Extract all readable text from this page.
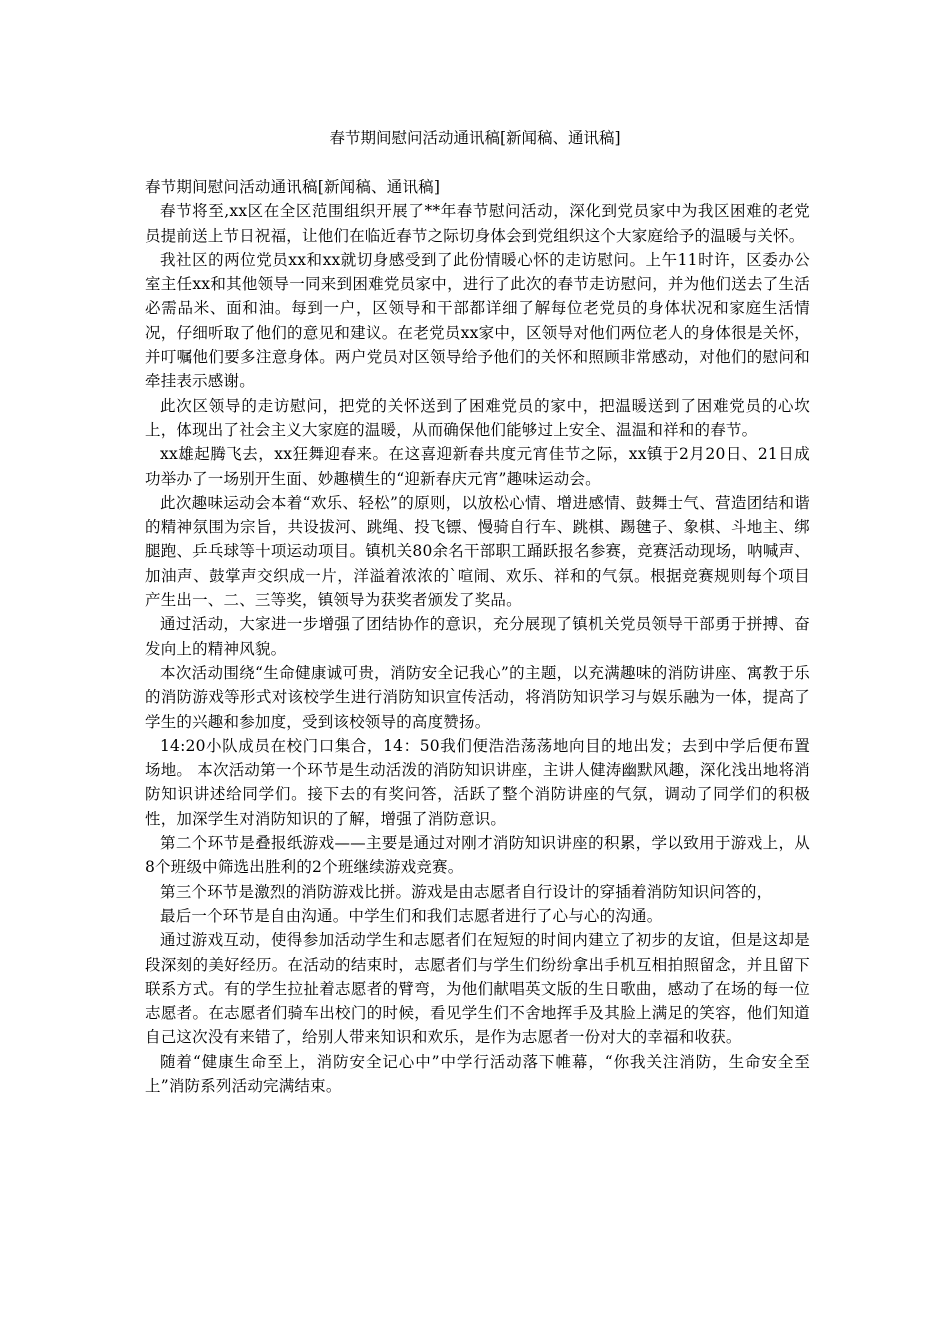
春节期间慰问活动通讯稿[新闻稿、通讯稿]

春节期间慰问活动通讯稿[新闻稿、通讯稿]

春节将至,xx区在全区范围组织开展了**年春节慰问活动，深化到党员家中为我区困难的老党员提前送上节日祝福，让他们在临近春节之际切身体会到党组织这个大家庭给予的温暖与关怀。

我社区的两位党员xx和xx就切身感受到了此份情暖心怀的走访慰问。上午11时许，区委办公室主任xx和其他领导一同来到困难党员家中，进行了此次的春节走访慰问，并为他们送去了生活必需品米、面和油。每到一户，区领导和干部都详细了解每位老党员的身体状况和家庭生活情况，仔细听取了他们的意见和建议。在老党员xx家中，区领导对他们两位老人的身体很是关怀，并叮嘱他们要多注意身体。两户党员对区领导给予他们的关怀和照顾非常感动，对他们的慰问和牵挂表示感谢。

此次区领导的走访慰问，把党的关怀送到了困难党员的家中，把温暖送到了困难党员的心坎上，体现出了社会主义大家庭的温暖，从而确保他们能够过上安全、温温和祥和的春节。

xx雄起腾飞去，xx狂舞迎春来。在这喜迎新春共度元宵佳节之际，xx镇于2月20日、21日成功举办了一场别开生面、妙趣横生的“迎新春庆元宵”趣味运动会。

此次趣味运动会本着“欢乐、轻松”的原则，以放松心情、增进感情、鼓舞士气、营造团结和谐的精神氛围为宗旨，共设拔河、跳绳、投飞镖、慢骑自行车、跳棋、踢毽子、象棋、斗地主、绑腿跑、乒乓球等十项运动项目。镇机关80余名干部职工踊跃报名参赛，竞赛活动现场，呐喊声、加油声、鼓掌声交织成一片，洋溢着浓浓的`喧闹、欢乐、祥和的气氛。根据竞赛规则每个项目产生出一、二、三等奖，镇领导为获奖者颁发了奖品。

通过活动，大家进一步增强了团结协作的意识，充分展现了镇机关党员领导干部勇于拼搏、奋发向上的精神风貌。

本次活动围绕“生命健康诚可贵，消防安全记我心”的主题，以充满趣味的消防讲座、寓教于乐的消防游戏等形式对该校学生进行消防知识宣传活动，将消防知识学习与娱乐融为一体，提高了学生的兴趣和参加度，受到该校领导的高度赞扬。

14:20小队成员在校门口集合，14：50我们便浩浩荡荡地向目的地出发；去到中学后便布置场地。 本次活动第一个环节是生动活泼的消防知识讲座，主讲人健涛幽默风趣，深化浅出地将消防知识讲述给同学们。接下去的有奖问答，活跃了整个消防讲座的气氛，调动了同学们的积极性，加深学生对消防知识的了解，增强了消防意识。

第二个环节是叠报纸游戏——主要是通过对刚才消防知识讲座的积累，学以致用于游戏上，从8个班级中筛选出胜利的2个班继续游戏竞赛。

第三个环节是激烈的消防游戏比拼。游戏是由志愿者自行设计的穿插着消防知识问答的，

最后一个环节是自由沟通。中学生们和我们志愿者进行了心与心的沟通。

通过游戏互动，使得参加活动学生和志愿者们在短短的时间内建立了初步的友谊，但是这却是段深刻的美好经历。在活动的结束时，志愿者们与学生们纷纷拿出手机互相拍照留念，并且留下联系方式。有的学生拉扯着志愿者的臂弯，为他们献唱英文版的生日歌曲，感动了在场的每一位志愿者。在志愿者们骑车出校门的时候，看见学生们不舍地挥手及其脸上满足的笑容，他们知道自己这次没有来错了，给别人带来知识和欢乐，是作为志愿者一份对大的幸福和收获。

随着“健康生命至上，消防安全记心中”中学行活动落下帷幕，“你我关注消防，生命安全至上”消防系列活动完满结束。
